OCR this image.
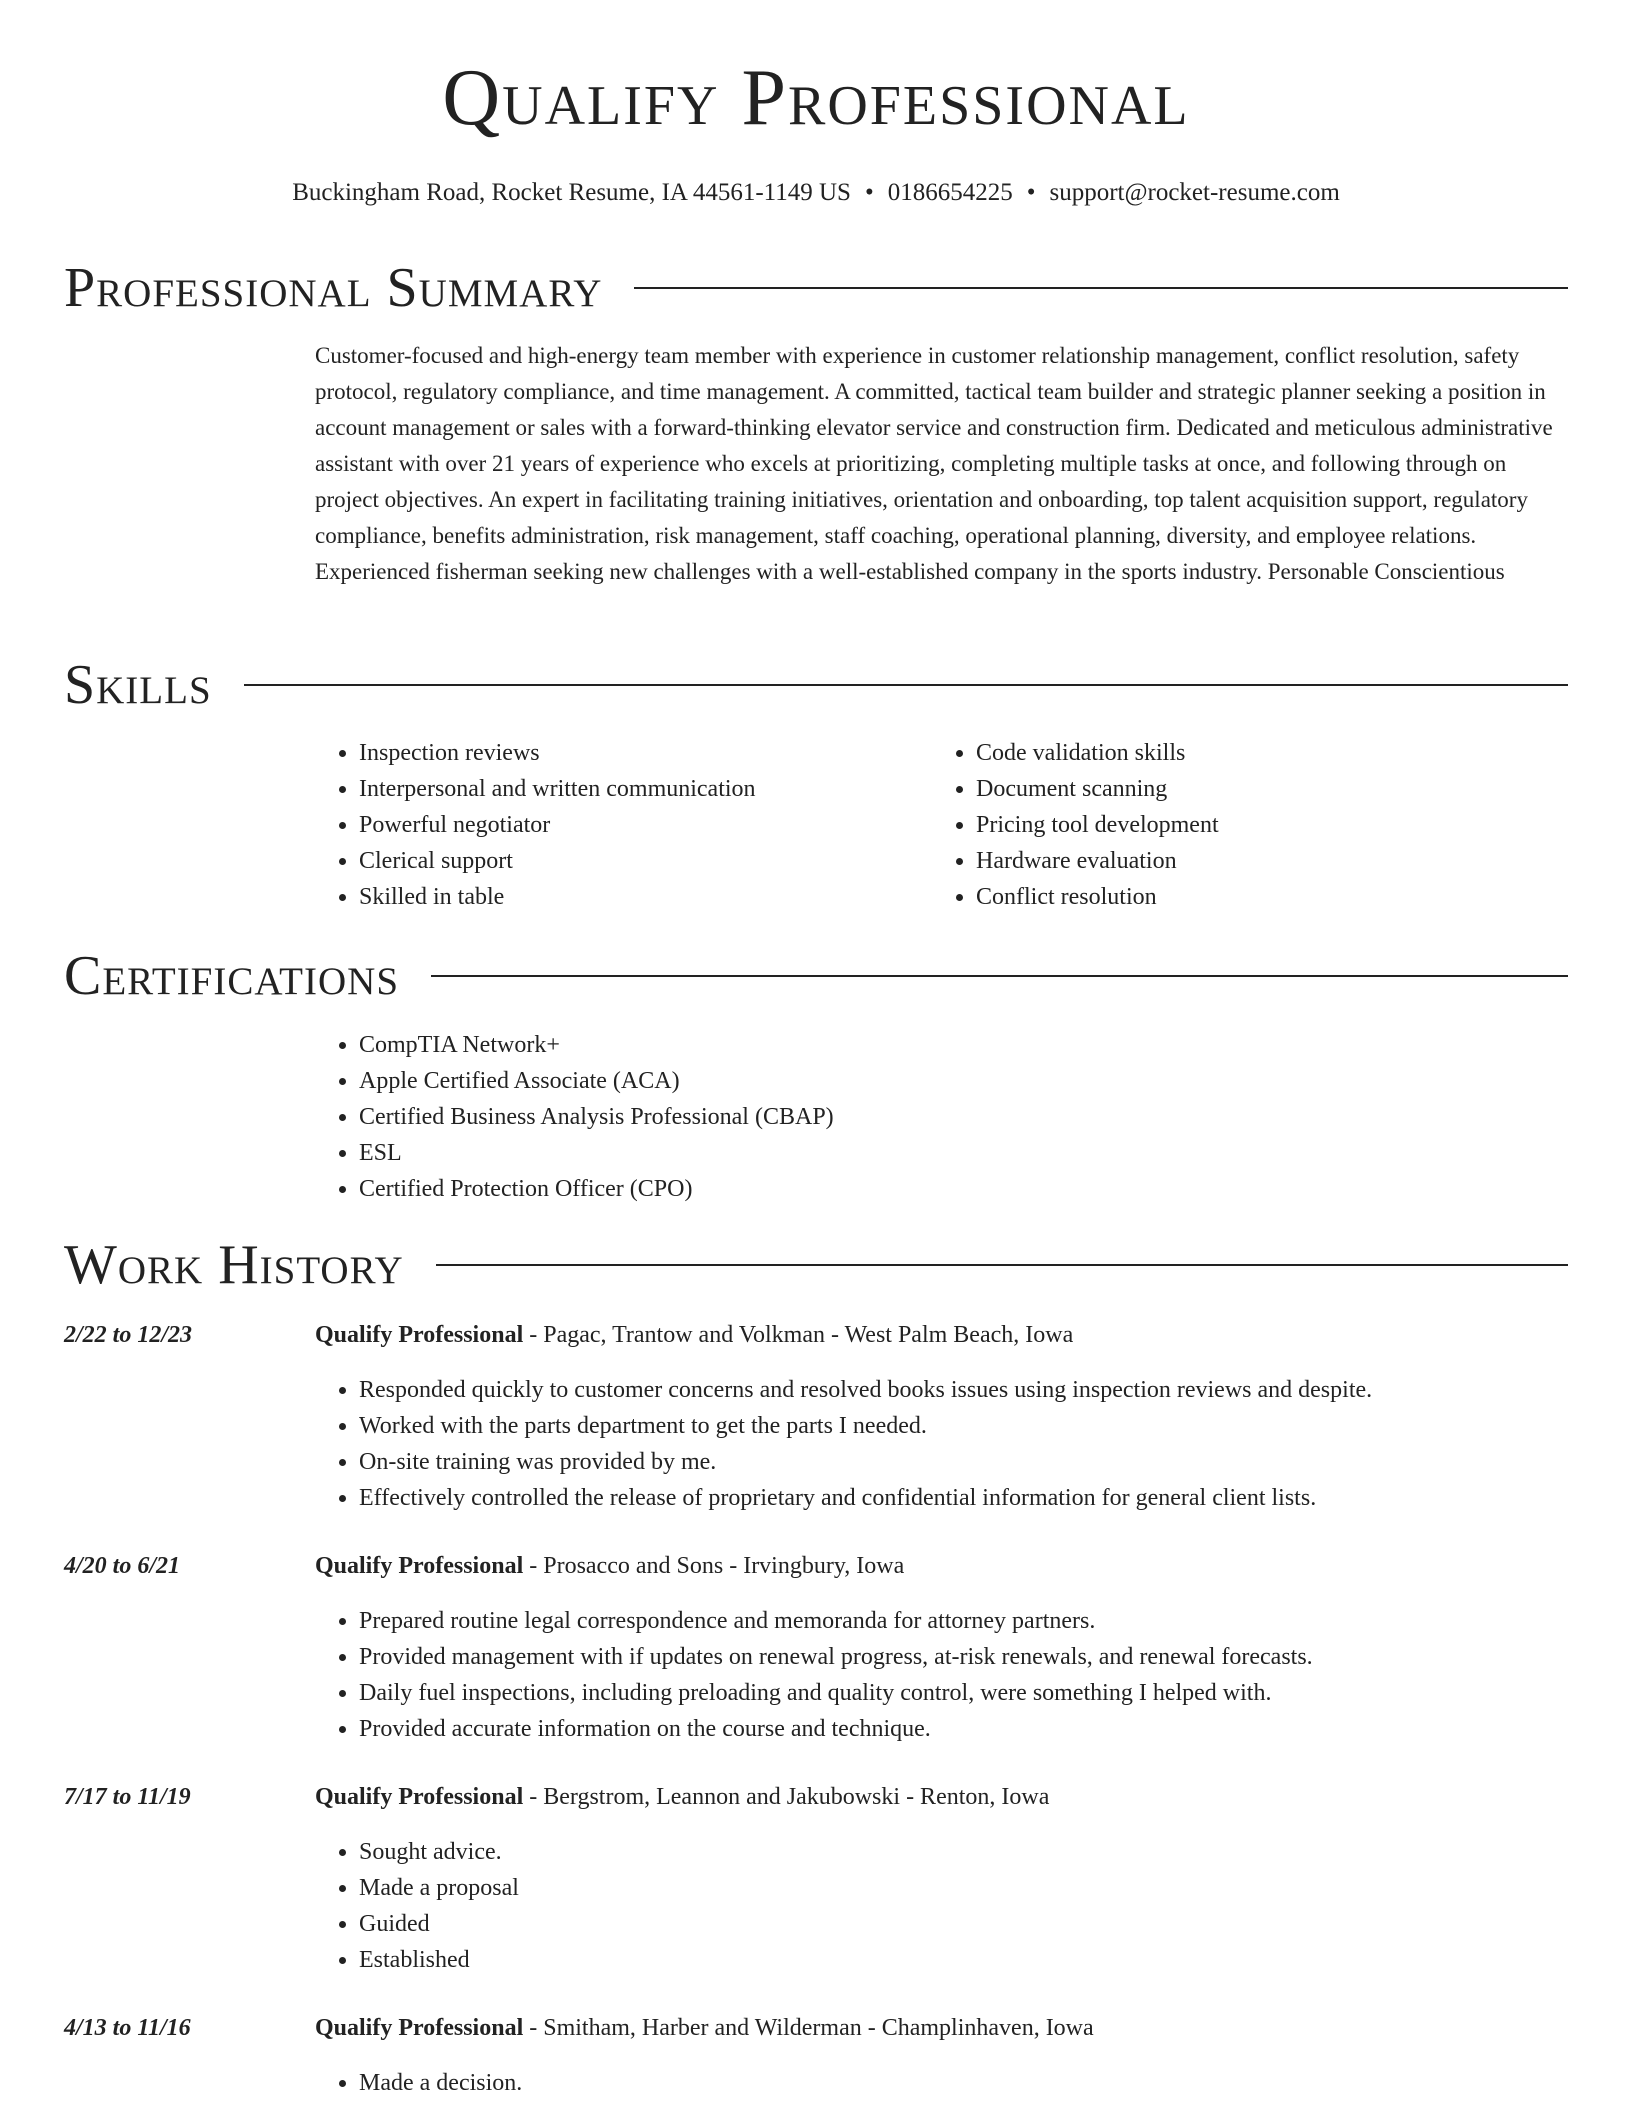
Qualify Professional
Buckingham Road, Rocket Resume, IA 44561-1149 US • 0186654225 • support@rocket-resume.com
Professional Summary

Customer-focused and high-energy team member with experience in customer relationship management, conflict resolution, safety protocol, regulatory compliance, and time management. A committed, tactical team builder and strategic planner seeking a position in account management or sales with a forward-thinking elevator service and construction firm. Dedicated and meticulous administrative assistant with over 21 years of experience who excels at prioritizing, completing multiple tasks at once, and following through on project objectives. An expert in facilitating training initiatives, orientation and onboarding, top talent acquisition support, regulatory compliance, benefits administration, risk management, staff coaching, operational planning, diversity, and employee relations. Experienced fisherman seeking new challenges with a well-established company in the sports industry. Personable Conscientious

Skills
• Inspection reviews
• Interpersonal and written communication
• Powerful negotiator
• Clerical support
• Skilled in table
• Code validation skills
• Document scanning
• Pricing tool development
• Hardware evaluation
• Conflict resolution
Certifications
• CompTIA Network+
• Apple Certified Associate (ACA)
• Certified Business Analysis Professional (CBAP)
• ESL
• Certified Protection Officer (CPO)
Work History
2/22 to 12/23	Qualify Professional - Pagac, Trantow and Volkman - West Palm Beach, Iowa
• Responded quickly to customer concerns and resolved books issues using inspection reviews and despite.
• Worked with the parts department to get the parts I needed.
• On-site training was provided by me.
• Effectively controlled the release of proprietary and confidential information for general client lists.
4/20 to 6/21	Qualify Professional - Prosacco and Sons - Irvingbury, Iowa
• Prepared routine legal correspondence and memoranda for attorney partners.
• Provided management with if updates on renewal progress, at-risk renewals, and renewal forecasts.
• Daily fuel inspections, including preloading and quality control, were something I helped with.
• Provided accurate information on the course and technique.
7/17 to 11/19	Qualify Professional - Bergstrom, Leannon and Jakubowski - Renton, Iowa
• Sought advice.
• Made a proposal
• Guided
• Established
4/13 to 11/16	Qualify Professional - Smitham, Harber and Wilderman - Champlinhaven, Iowa
• Made a decision.
